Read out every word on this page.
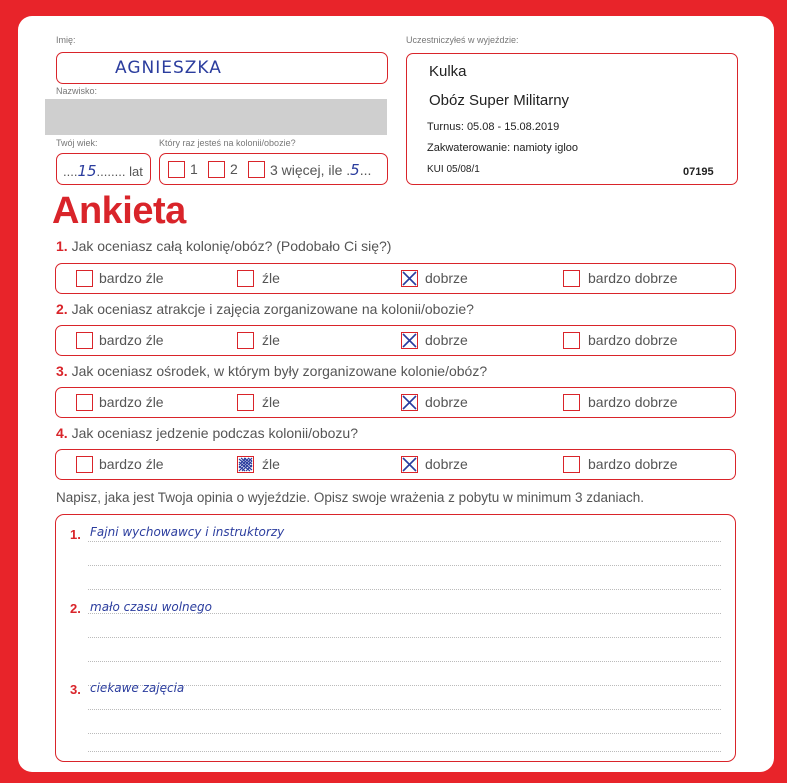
Imię:
AGNIESZKA
Nazwisko:
Twój wiek:
....15........ lat
Który raz jesteś na kolonii/obozie?
1 2 3 więcej, ile .5...
Uczestniczyłeś w wyjeździe:
Kulka
Obóz Super Militarny
Turnus: 05.08 - 15.08.2019
Zakwaterowanie: namioty igloo
KUI 05/08/1	07195
Ankieta
1. Jak oceniasz całą kolonię/obóz? (Podobało Ci się?)
bardzo źle	źle	dobrze	bardzo dobrze
2. Jak oceniasz atrakcje i zajęcia zorganizowane na kolonii/obozie?
bardzo źle	źle	dobrze	bardzo dobrze
3. Jak oceniasz ośrodek, w którym były zorganizowane kolonie/obóz?
bardzo źle	źle	dobrze	bardzo dobrze
4. Jak oceniasz jedzenie podczas kolonii/obozu?
bardzo źle	źle	dobrze	bardzo dobrze
Napisz, jaka jest Twoja opinia o wyjeździe. Opisz swoje wrażenia z pobytu w minimum 3 zdaniach.
1. Fajni wychowawcy i instruktorzy
2. mało czasu wolnego
3. ciekawe zajęcia
